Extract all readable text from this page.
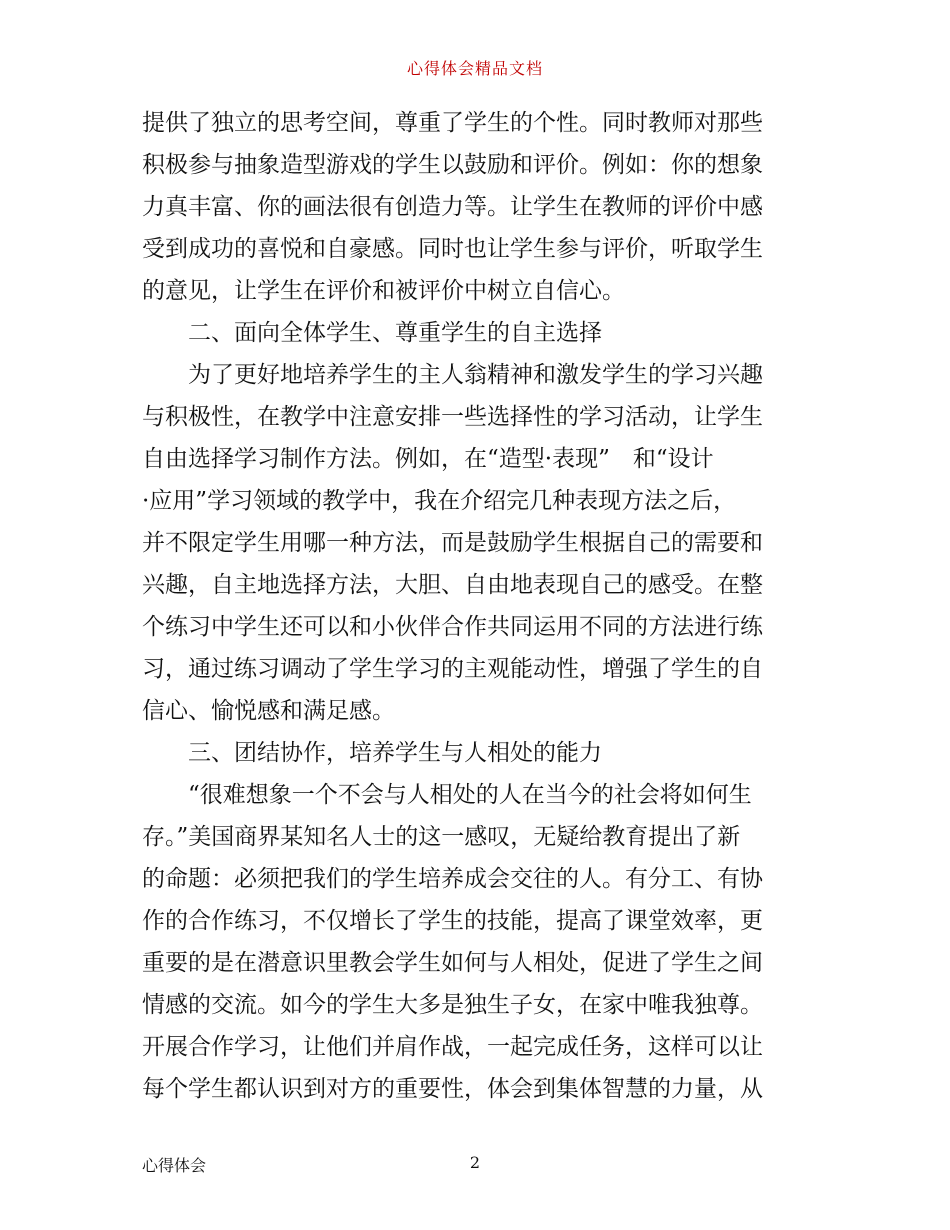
心得体会精品文档
提供了独立的思考空间，尊重了学生的个性。同时教师对那些
积极参与抽象造型游戏的学生以鼓励和评价。例如：你的想象
力真丰富、你的画法很有创造力等。让学生在教师的评价中感
受到成功的喜悦和自豪感。同时也让学生参与评价，听取学生
的意见，让学生在评价和被评价中树立自信心。
二、面向全体学生、尊重学生的自主选择
为了更好地培养学生的主人翁精神和激发学生的学习兴趣
与积极性，在教学中注意安排一些选择性的学习活动，让学生
自由选择学习制作方法。例如，在“造型·表现”　和“设计
·应用”学习领域的教学中，我在介绍完几种表现方法之后，
并不限定学生用哪一种方法，而是鼓励学生根据自己的需要和
兴趣，自主地选择方法，大胆、自由地表现自己的感受。在整
个练习中学生还可以和小伙伴合作共同运用不同的方法进行练
习，通过练习调动了学生学习的主观能动性，增强了学生的自
信心、愉悦感和满足感。
三、团结协作，培养学生与人相处的能力
“很难想象一个不会与人相处的人在当今的社会将如何生
存。”美国商界某知名人士的这一感叹，无疑给教育提出了新
的命题：必须把我们的学生培养成会交往的人。有分工、有协
作的合作练习，不仅增长了学生的技能，提高了课堂效率，更
重要的是在潜意识里教会学生如何与人相处，促进了学生之间
情感的交流。如今的学生大多是独生子女，在家中唯我独尊。
开展合作学习，让他们并肩作战，一起完成任务，这样可以让
每个学生都认识到对方的重要性，体会到集体智慧的力量，从
心得体会	2
